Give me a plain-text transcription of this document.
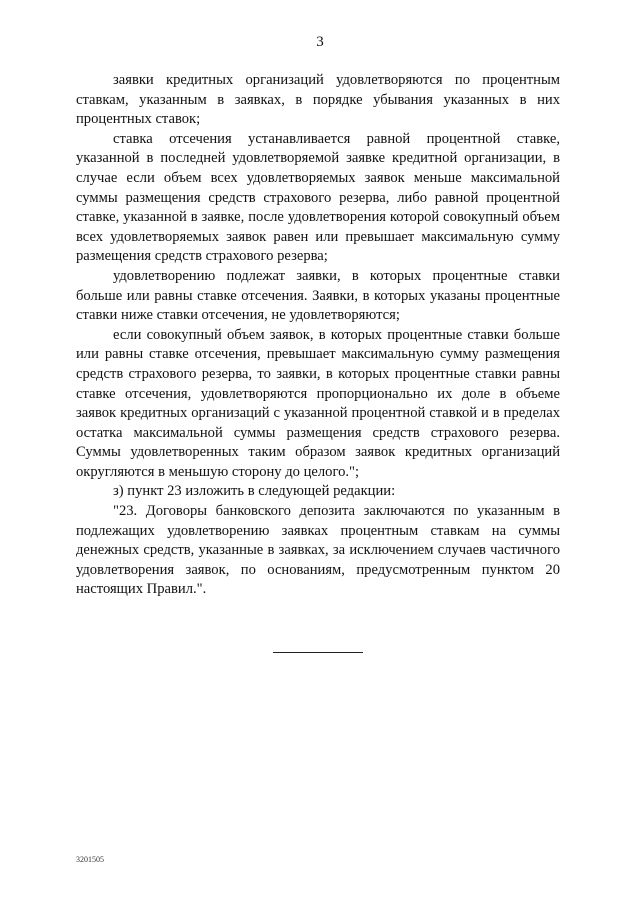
3

заявки кредитных организаций удовлетворяются по процентным ставкам, указанным в заявках, в порядке убывания указанных в них процентных ставок;

ставка отсечения устанавливается равной процентной ставке, указанной в последней удовлетворяемой заявке кредитной организации, в случае если объем всех удовлетворяемых заявок меньше максимальной суммы размещения средств страхового резерва, либо равной процентной ставке, указанной в заявке, после удовлетворения которой совокупный объем всех удовлетворяемых заявок равен или превышает максимальную сумму размещения средств страхового резерва;

удовлетворению подлежат заявки, в которых процентные ставки больше или равны ставке отсечения. Заявки, в которых указаны процентные ставки ниже ставки отсечения, не удовлетворяются;

если совокупный объем заявок, в которых процентные ставки больше или равны ставке отсечения, превышает максимальную сумму размещения средств страхового резерва, то заявки, в которых процентные ставки равны ставке отсечения, удовлетворяются пропорционально их доле в объеме заявок кредитных организаций с указанной процентной ставкой и в пределах остатка максимальной суммы размещения средств страхового резерва. Суммы удовлетворенных таким образом заявок кредитных организаций округляются в меньшую сторону до целого.";

з) пункт 23 изложить в следующей редакции:

"23. Договоры банковского депозита заключаются по указанным в подлежащих удовлетворению заявках процентным ставкам на суммы денежных средств, указанные в заявках, за исключением случаев частичного удовлетворения заявок, по основаниям, предусмотренным пунктом 20 настоящих Правил.".

3201505
